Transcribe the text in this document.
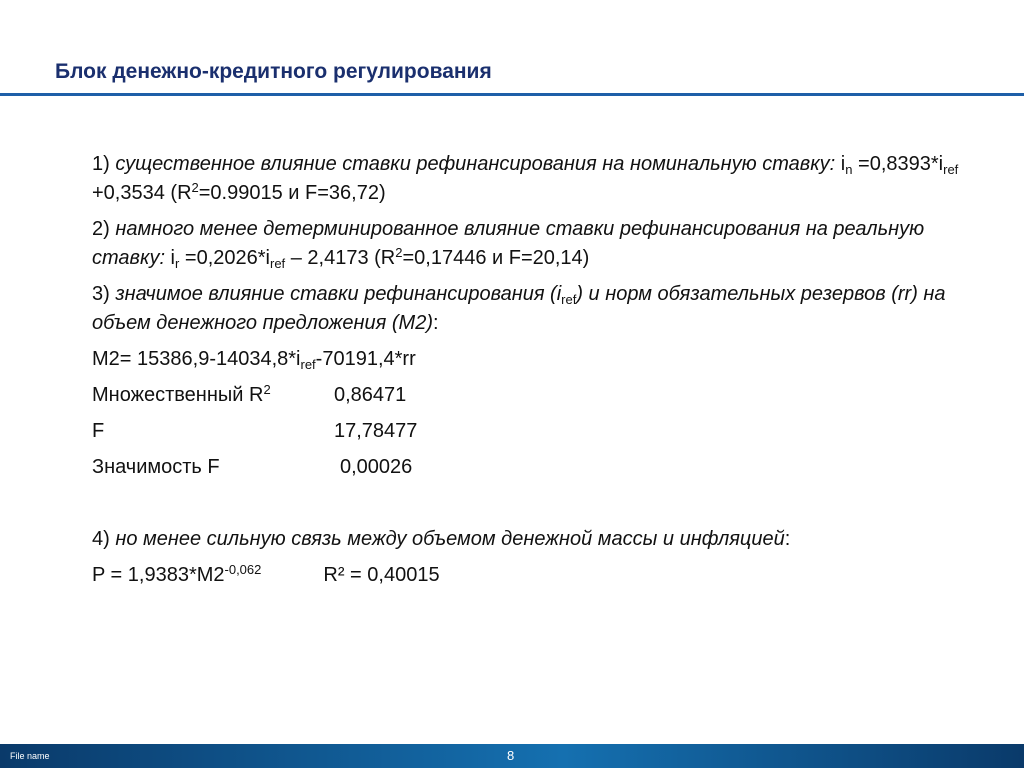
Блок денежно-кредитного регулирования

1) существенное влияние ставки рефинансирования на номинальную ставку: $i_n =0,8393*i_{ref} +0,3534$ ($R^2=0.99015$ и F=36,72)

2) намного менее детерминированное влияние ставки рефинансирования на реальную ставку: $i_r =0,2026*i_{ref} - 2,4173$ ($R^2=0,17446$ и F=20,14)

3) значимое влияние ставки рефинансирования $(i_{ref})$ и норм обязательных резервов (rr) на объем денежного предложения (М2):

$М2= 15386,9-14034,8*i_{ref}-70191,4*rr$

Множественный $R^2$	0,86471
F	17,78477
Значимость F	0,00026

4) но менее сильную связь между объемом денежной массы и инфляцией:

$P = 1,9383*M2^{-0,062}$	R² = 0,40015

File name	8
